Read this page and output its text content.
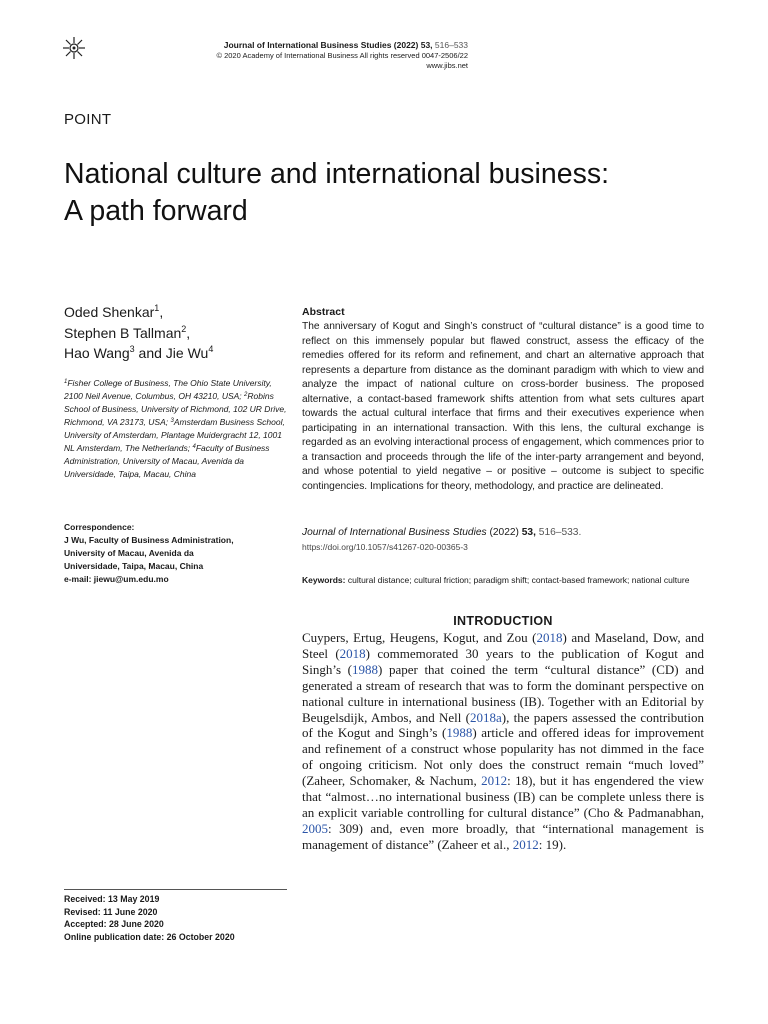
Journal of International Business Studies (2022) 53, 516–533
© 2020 Academy of International Business All rights reserved 0047-2506/22
www.jibs.net
POINT
National culture and international business:
A path forward
Oded Shenkar$^1$,
Stephen B Tallman$^2$,
Hao Wang$^3$ and Jie Wu$^4$
$^1$Fisher College of Business, The Ohio State University, 2100 Neil Avenue, Columbus, OH 43210, USA; $^2$Robins School of Business, University of Richmond, 102 UR Drive, Richmond, VA 23173, USA; $^3$Amsterdam Business School, University of Amsterdam, Plantage Muidergracht 12, 1001 NL Amsterdam, The Netherlands; $^4$Faculty of Business Administration, University of Macau, Avenida da Universidade, Taipa, Macau, China
Correspondence:
J Wu, Faculty of Business Administration,
University of Macau, Avenida da
Universidade, Taipa, Macau, China
e-mail: jiewu@um.edu.mo
Abstract
The anniversary of Kogut and Singh’s construct of “cultural distance” is a good time to reflect on this immensely popular but flawed construct, assess the efficacy of the remedies offered for its reform and refinement, and chart an alternative approach that represents a departure from distance as the dominant paradigm with which to view and analyze the impact of national culture on cross-border business. The proposed alternative, a contact-based framework shifts attention from what sets cultures apart towards the actual cultural interface that firms and their executives experience when participating in an international transaction. With this lens, the cultural exchange is regarded as an evolving interactional process of engagement, which commences prior to a transaction and proceeds through the life of the inter-party arrangement and beyond, and whose potential to yield negative – or positive – outcome is subject to specific contingencies. Implications for theory, methodology, and practice are delineated.
Journal of International Business Studies (2022) 53, 516–533.
https://doi.org/10.1057/s41267-020-00365-3
Keywords: cultural distance; cultural friction; paradigm shift; contact-based framework; national culture
INTRODUCTION
Cuypers, Ertug, Heugens, Kogut, and Zou (2018) and Maseland, Dow, and Steel (2018) commemorated 30 years to the publication of Kogut and Singh’s (1988) paper that coined the term “cultural distance” (CD) and generated a stream of research that was to form the dominant perspective on national culture in international business (IB). Together with an Editorial by Beugelsdijk, Ambos, and Nell (2018a), the papers assessed the contribution of the Kogut and Singh’s (1988) article and offered ideas for improvement and refinement of a construct whose popularity has not dimmed in the face of ongoing criticism. Not only does the construct remain “much loved” (Zaheer, Schomaker, & Nachum, 2012: 18), but it has engendered the view that “almost…no international business (IB) can be complete unless there is an explicit variable controlling for cultural distance” (Cho & Padmanabhan, 2005: 309) and, even more broadly, that “international management is management of distance” (Zaheer et al., 2012: 19).
Received: 13 May 2019
Revised: 11 June 2020
Accepted: 28 June 2020
Online publication date: 26 October 2020
